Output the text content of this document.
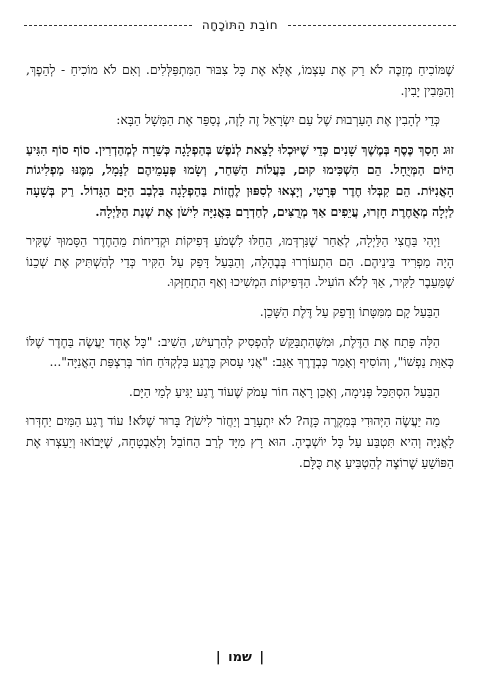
חוֹבַת הַתּוֹכָחָה

שֶׁמּוֹכִיחַ מְזַכֶּה לֹא רַק אֶת עַצְמוֹ, אֶלָּא אֶת כָּל צִבּוּר הַמִּתְפַּלְּלִים. וְאִם לֹא מוֹכִיחַ - לְהֵפֶךְ, וְהַמֵּבִין יָבִין.

כְּדֵי לְהָבִין אֶת הָעַרְבוּת שֶׁל עַם יִשְׂרָאֵל זֶה לָזֶה, נְסַפֵּר אֶת הַמָּשָׁל הַבָּא:

זוּג חָסַךְ כֶּסֶף בְּמֶשֶׁךְ שָׁנִים כְּדֵי שֶׁיּוּכְלוּ לָצֵאת לְנֹפֶשׁ בְּהַפְלָגָה כְּשֵׁרָה לְמְהַדְרִין. סוֹף סוֹף הִגִּיעַ הַיּוֹם הַמְּיֻחָל. הֵם הִשְׁכִּימוּ קוּם, בַּעֲלוֹת הַשַּׁחַר, וְשָׂמוּ פְּעָמֵיהֶם לַנָּמָל, מִמֶּנּוּ מַפְלִיגוֹת הָאֳנִיּוֹת. הֵם קִבְּלוּ חֶדֶר פְּרָטִי, וְיָצְאוּ לְסִפּוּן לֶחֱזוֹת בַּהַפְלָגָה בִּלְבַב הַיָּם הַגָּדוֹל. רַק בְּשָׁעָה לַיְלָה מְאֻחֶרֶת חָזְרוּ, עֲיֵפִים אַךְ מְרֻצִּים, לְחַדְרָם בָּאֳנִיָּה לִישֹׁן אֶת שְׁנַת הַלַּיְלָה.

וַיְהִי בַּחֲצִי הַלַּיְלָה, לְאַחַר שֶׁנִּרְדְּמוּ, הֵחֵלּוּ לִשְׁמֹעַ דְּפִיקוֹת וּקְדִיחוֹת מֵהַחֶדֶר הַסָּמוּךְ שֶׁקִּיר הָיָה מַפְרִיד בֵּינֵיהֶם. הֵם הִתְעוֹרְרוּ בְּבֶהָלָה, וְהַבַּעַל דָּפַק עַל הַקִּיר כְּדֵי לְהַשְׁתִּיק אֶת שְׁכֵנוֹ שֶׁמֵּעֵבֶר לַקִּיר, אַךְ לְלֹא הוֹעִיל. הַדְּפִיקוֹת הִמְשִׁיכוּ וְאַף הִתְחַזְּקוּ.

הַבַּעַל קָם מִמִּטָּתוֹ וְדָפַק עַל דֶּלֶת הַשָּׁכֵן.

הַלָּה פָּתַח אֶת הַדֶּלֶת, וּמִשֶּׁהִתְבַּקֵּשׁ לְהַפְסִיק לְהַרְעִישׁ, הֵשִׁיב: "כָּל אֶחָד יַעֲשֶׂה בַּחֶדֶר שֶׁלּוֹ כְּאַוַּת נַפְשׁוֹ", וְהוֹסִיף וְאָמַר כְּבְדֶרֶךְ אַגַּב: "אֲנִי עָסוּק כָּרֶגַע בִּלְקְדֹּחַ חוֹר בְּרִצְפַּת הָאֳנִיָּה"...

הַבַּעַל הִסְתַּכֵּל פְּנִימָה, וְאָכֵן רָאָה חוֹר עָמֹק שֶׁעוֹד רֶגַע יַגִּיעַ לְמֵי הַיָּם.

מַה יַּעֲשֶׂה הַיְּהוּדִי בְּמִקְרֶה כָּזֶה? לֹא יִתְעָרֵב וְיַחֲזֹר לִישֹׁן? בָּרוּר שֶׁלֹּא! עוֹד רֶגַע הַמַּיִם יַחְדְּרוּ לָאֳנִיָּה וְהִיא תִּטְבַּע עַל כָּל יוֹשְׁבֶיהָ. הוּא רָץ מִיָּד לְרַב הַחוֹבֵל וְלַאַבְטָחָה, שֶׁיָּבוֹאוּ וְיַעַצְרוּ אֶת הַפּוֹשֵׁעַ שֶׁרוֹצֶה לְהַטְבִּיעַ אֶת כֻּלָּם.

| שמו |
